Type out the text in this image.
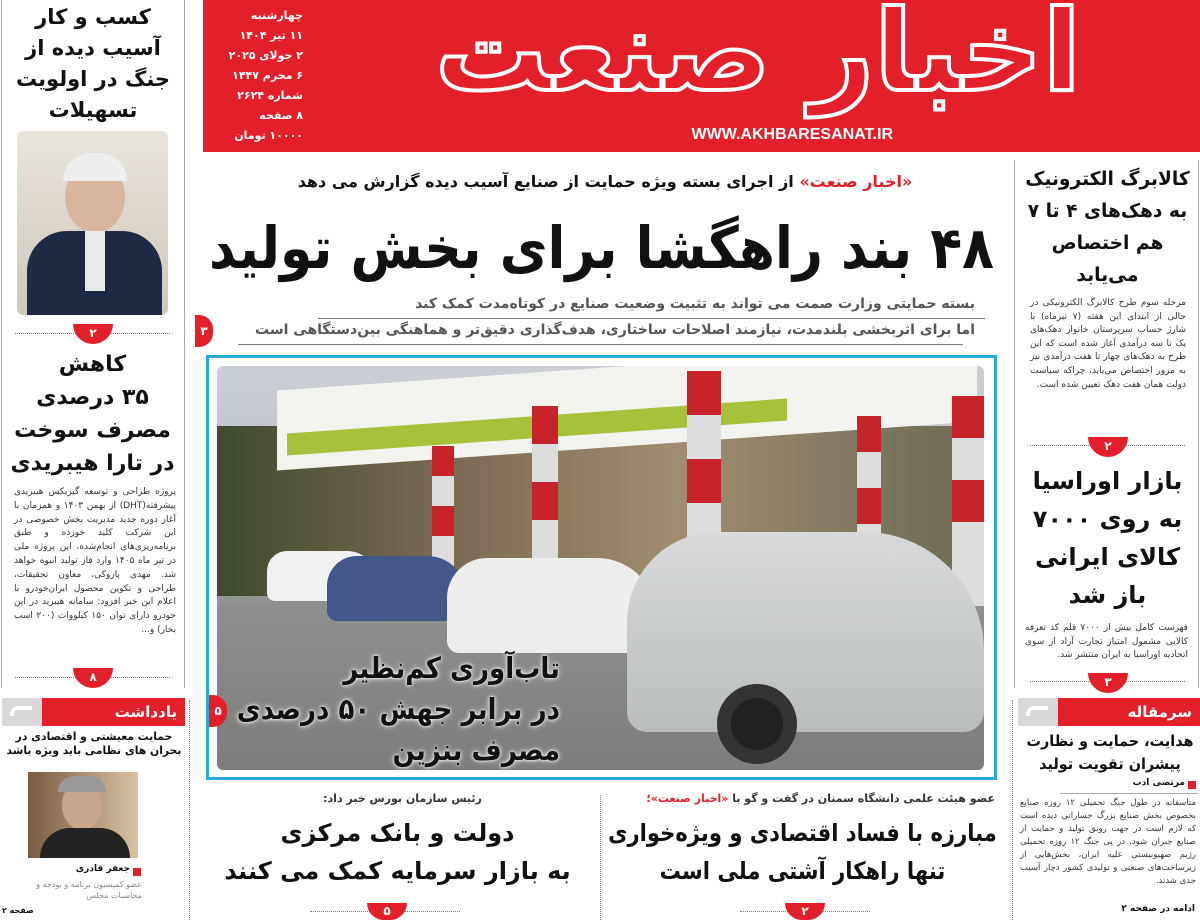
کسب و کار آسیب دیده از جنگ در اولویت تسهیلات
۲
کاهش
۳۵ درصدی
مصرف سوخت
در تارا هیبریدی
پروژه طراحی و توسعه گیربکس هیبریدی پیشرفته(DHT) از بهمن ۱۴۰۳ و همزمان با آغاز دوره جدید مدیریت بخش خصوصی در این شرکت کلید خورده و طبق برنامه‌ریزی‌های انجام‌شده، این پروژه ملی در تیر ماه ۱۴۰۵ وارد فاز تولید انبوه خواهد شد. مهدی پازوکی، معاون تحقیقات، طراحی و تکوین محصول ایران‌خودرو با اعلام این خبر افزود: سامانه هیبرید در این خودرو دارای توان ۱۵۰ کیلووات (۲۰۰ اسب بخار) و...
۸
یادداشت
حمایت معیشتی و اقتصادی در بحران های نظامی باید ویژه باشد
جعفر قادری
عضو کمیسیون برنامه و بودجه و محاسبات مجلس
صفحه ۲
چهارشنبه
۱۱ تیر ۱۴۰۴
۲ جولای ۲۰۲۵
۶ محرم ۱۴۴۷
شماره ۲۶۲۴
۸ صفحه
۱۰۰۰۰ تومان
اخبار صنعت
WWW.AKHBARESANAT.IR
«اخبار صنعت» از اجرای بسته ویژه حمایت از صنایع آسیب دیده گزارش می دهد
۴۸ بند راهگشا برای بخش تولید
بسته حمایتی وزارت صمت می تواند به تثبیت وضعیت صنایع در کوتاه‌مدت کمک کند
اما برای اثربخشی بلندمدت، نیازمند اصلاحات ساختاری، هدف‌گذاری دقیق‌تر و هماهنگی بین‌دستگاهی است
۳
تاب‌آوری کم‌نظیر
در برابر جهش ۵۰ درصدی
مصرف بنزین
۵
عضو هیئت علمی دانشگاه سمنان در گفت و گو با «اخبار صنعت»؛
مبارزه با فساد اقتصادی و ویژه‌خواری
تنها راهکار آشتی ملی است
۲
رئیس سازمان بورس خبر داد:
دولت و بانک مرکزی
به بازار سرمایه کمک می کنند
۵
کالابرگ الکترونیک به دهک‌های ۴ تا ۷ هم اختصاص می‌یابد
مرحله سوم طرح کالابرگ الکترونیکی در حالی از ابتدای این هفته (۷ تیرماه) با شارژ حساب سرپرستان خانوار دهک‌های یک تا سه درآمدی آغاز شده است که این طرح به دهک‌های چهار تا هفت درآمدی نیز به مرور اختصاص می‌یابد، چراکه سیاست دولت همان هفت دهک تعیین شده است.
۲
بازار اوراسیا به روی ۷۰۰۰ کالای ایرانی باز شد
فهرست کامل بیش از ۷۰۰۰ قلم کد تعرفه کالایی مشمول امتیاز تجارت آزاد از سوی اتحادیه اوراسیا به ایران منتشر شد.
۳
سرمقاله
هدایت، حمایت و نظارت پیشران تقویت تولید
مرتضی ادب
متاسفانه در طول جنگ تحمیلی ۱۲ روزه صنایع بخصوص بخش صنایع بزرگ خساراتی دیده است که لازم است در جهت رونق تولید و حمایت از صنایع جبران شود. در پی جنگ ۱۲ روزه تحمیلی رژیم صهیونیستی علیه ایران، بخش‌هایی از زیرساخت‌های صنعتی و تولیدی کشور دچار آسیب جدی شدند.
ادامه در صفحه ۲
